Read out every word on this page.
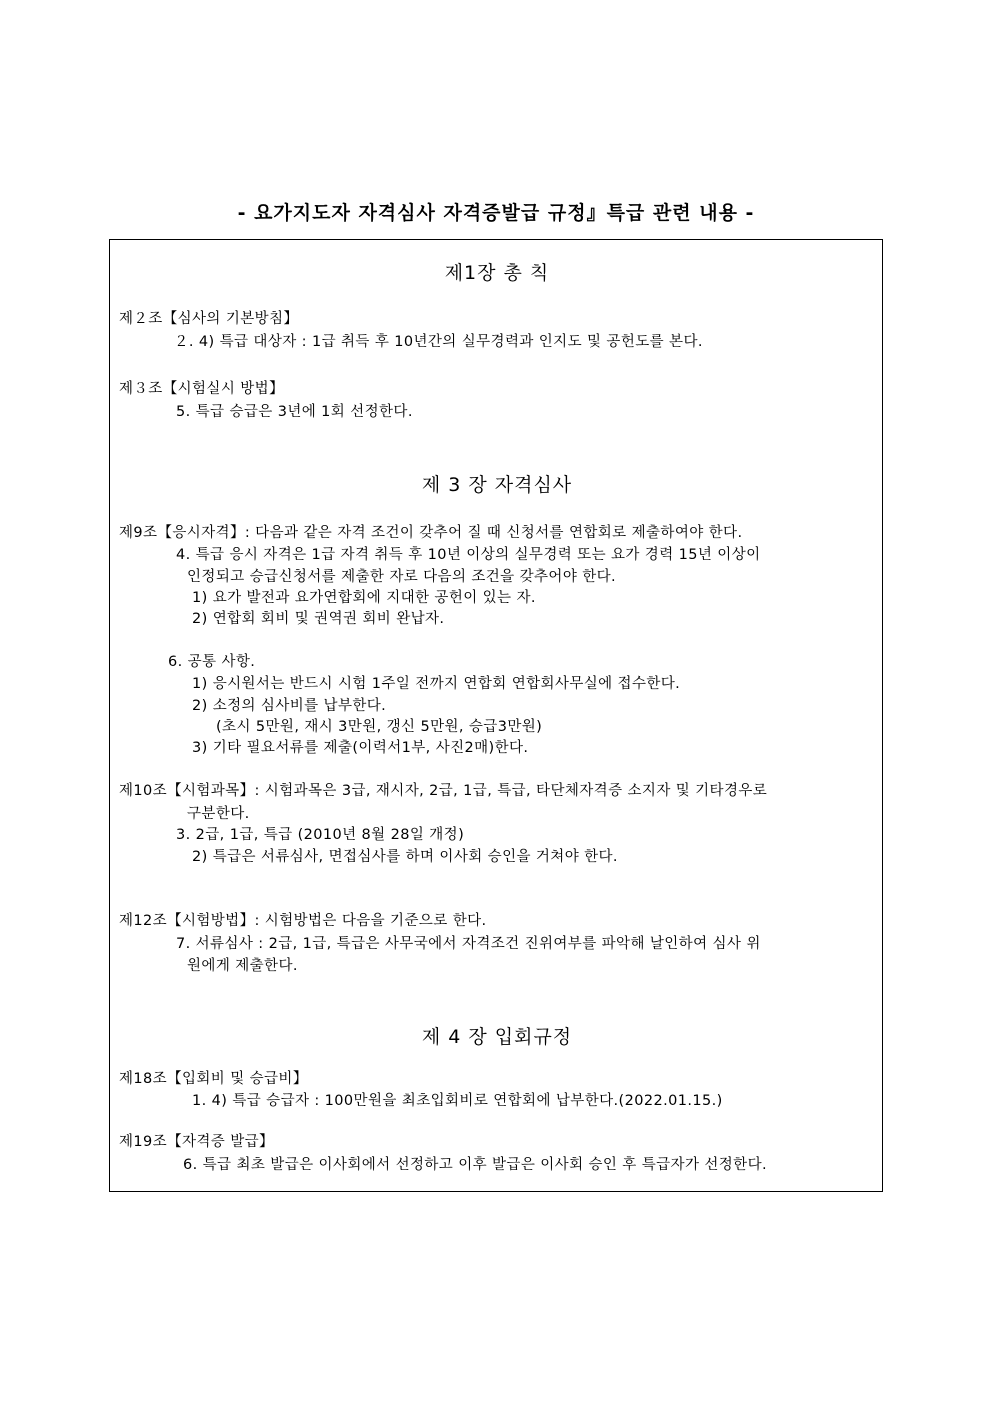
- 요가지도자 자격심사 자격증발급 규정』특급 관련 내용 -
제1장 총 칙
제２조【심사의 기본방침】
２. 4) 특급 대상자 : 1급 취득 후 10년간의 실무경력과 인지도 및 공헌도를 본다.
제３조【시험실시 방법】
5. 특급 승급은 3년에 1회 선정한다.
제 3 장 자격심사
제9조【응시자격】: 다음과 같은 자격 조건이 갖추어 질 때 신청서를 연합회로 제출하여야 한다.
4. 특급 응시 자격은 1급 자격 취득 후 10년 이상의 실무경력 또는 요가 경력 15년 이상이
인정되고 승급신청서를 제출한 자로 다음의 조건을 갖추어야 한다.
1) 요가 발전과 요가연합회에 지대한 공헌이 있는 자.
2) 연합회 회비 및 권역권 회비 완납자.
6. 공통 사항.
1) 응시원서는 반드시 시험 1주일 전까지 연합회 연합회사무실에 접수한다.
2) 소정의 심사비를 납부한다.
(초시 5만원, 재시 3만원, 갱신 5만원, 승급3만원)
3) 기타 필요서류를 제출(이력서1부, 사진2매)한다.
제10조【시험과목】: 시험과목은 3급, 재시자, 2급, 1급, 특급, 타단체자격증 소지자 및 기타경우로
구분한다.
3. 2급, 1급, 특급 (2010년 8월 28일 개정)
2) 특급은 서류심사, 면접심사를 하며 이사회 승인을 거쳐야 한다.
제12조【시험방법】: 시험방법은 다음을 기준으로 한다.
7. 서류심사 : 2급, 1급, 특급은 사무국에서 자격조건 진위여부를 파악해 날인하여 심사 위
원에게 제출한다.
제 4 장 입회규정
제18조【입회비 및 승급비】
1. 4) 특급 승급자 : 100만원을 최초입회비로 연합회에 납부한다.(2022.01.15.)
제19조【자격증 발급】
6. 특급 최초 발급은 이사회에서 선정하고 이후 발급은 이사회 승인 후 특급자가 선정한다.
